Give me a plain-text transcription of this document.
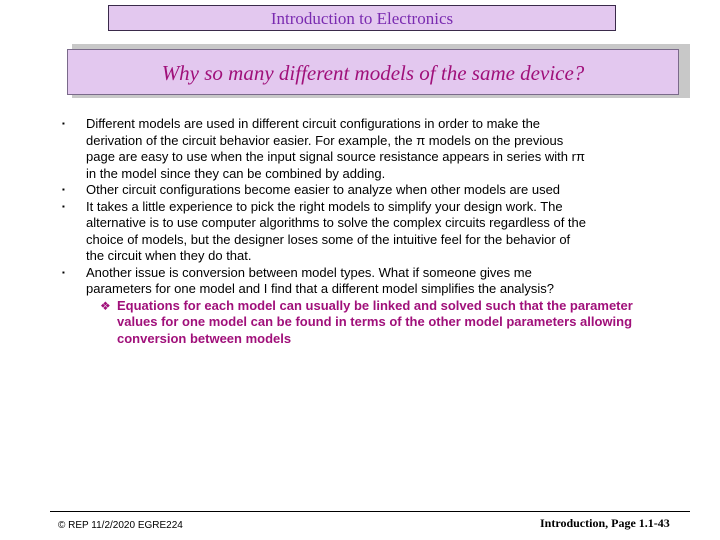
Introduction to Electronics
Why so many different models of the same device?
▪	Different models are used in different circuit configurations in order to make the
derivation of the circuit behavior easier. For example, the π models on the previous
page are easy to use when the input signal source resistance appears in series with rπ
in the model since they can be combined by adding.
▪	Other circuit configurations become easier to analyze when other models are used
▪	It takes a little experience to pick the right models to simplify your design work. The
alternative is to use computer algorithms to solve the complex circuits regardless of the
choice of models, but the designer loses some of the intuitive feel for the behavior of
the circuit when they do that.
▪	Another issue is conversion between model types. What if someone gives me
parameters for one model and I find that a different model simplifies the analysis?
❖ Equations for each model can usually be linked and solved such that the parameter
values for one model can be found in terms of the other model parameters allowing
conversion between models
© REP 11/2/2020 EGRE224	Introduction, Page 1.1-43
